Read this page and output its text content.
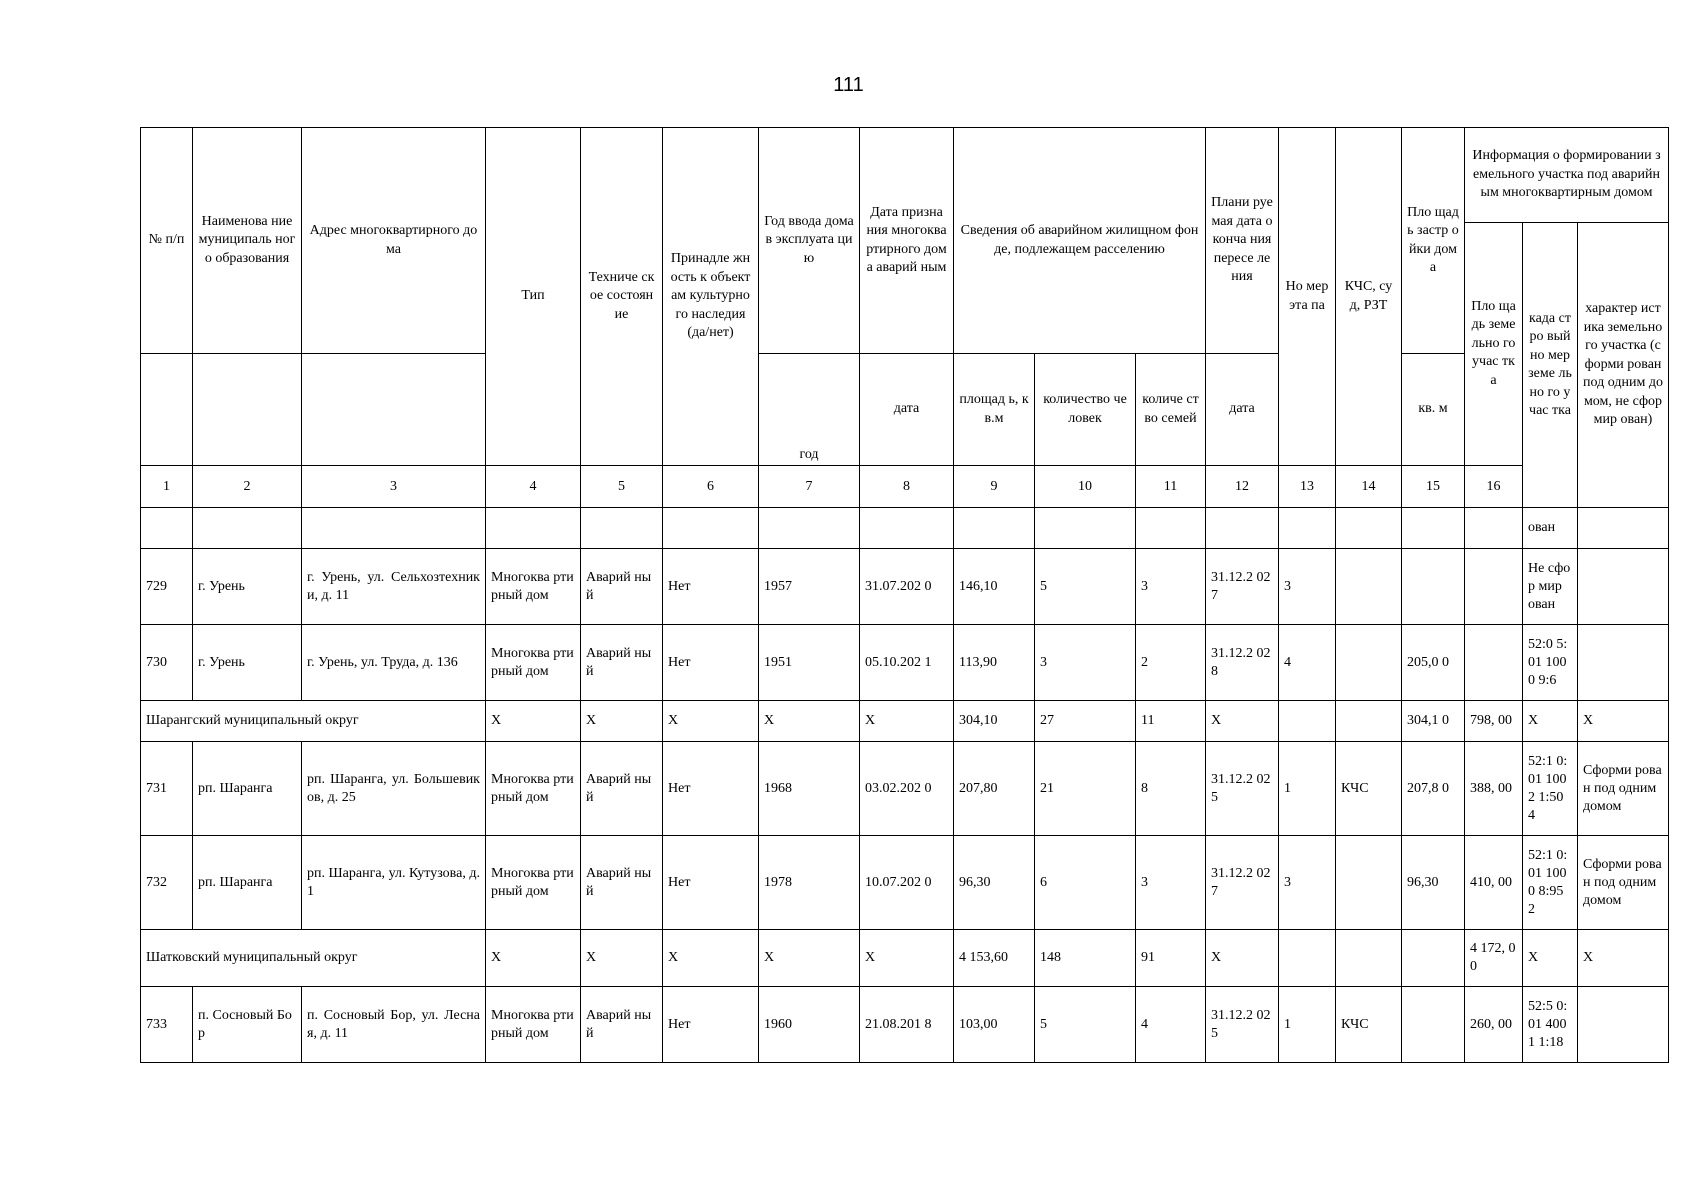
111
№ п/п	Наименова ние муниципаль ного образования	Адрес многоквартирного дома	Тип	Техниче ское состоян ие	Принадле жность к объектам культурно го наследия (да/нет)	Год ввода дома в эксплуата цию	Дата призна ния многоква ртирного дома аварий ным	Сведения об аварийном жилищном фонде, подлежащем расселению			Плани руемая дата оконча ния пересе ления	Но мер эта па	КЧС, суд, РЗТ	Пло щадь застр ойки дома	Информация о формировании земельного участка под аварийным многоквартирным домом			
															Пло щадь земе льно го учас тка	када стро вый но мер земе льно го учас тка	характер истика земельно го участка (сформи рован под одним домом, не сформир ован)	
						год	дата	площад ь, кв.м	количество человек	количе ство семей	дата			кв. м				
1	2	3	4	5	6	7	8	9	10	11	12	13	14	15	16		
																ован		
729	г. Урень	г. Урень, ул. Сельхозтехники, д. 11	Многоква ртирный дом	Аварий ный	Нет	1957	31.07.202 0	146,10	5	3	31.12.2 027	3				Не сфор мир ован		
730	г. Урень	г. Урень, ул. Труда, д. 136	Многоква ртирный дом	Аварий ный	Нет	1951	05.10.202 1	113,90	3	2	31.12.2 028	4		205,0 0		52:0 5:01 1000 9:6		
Шарангский муниципальный округ			Х	Х	Х	Х	Х	304,10	27	11	Х			304,1 0	798, 00	Х	Х	
731	рп. Шаранга	рп. Шаранга, ул. Большевиков, д. 25	Многоква ртирный дом	Аварий ный	Нет	1968	03.02.202 0	207,80	21	8	31.12.2 025	1	КЧС	207,8 0	388, 00	52:1 0:01 1002 1:50 4	Сформи рован под одним домом	
732	рп. Шаранга	рп. Шаранга, ул. Кутузова, д. 1	Многоква ртирный дом	Аварий ный	Нет	1978	10.07.202 0	96,30	6	3	31.12.2 027	3		96,30	410, 00	52:1 0:01 1000 8:95 2	Сформи рован под одним домом	
Шатковский муниципальный округ			Х	Х	Х	Х	Х	4 153,60	148	91	Х				4 172, 00	Х	Х	
733	п. Сосновый Бор	п. Сосновый Бор, ул. Лесная, д. 11	Многоква ртирный дом	Аварий ный	Нет	1960	21.08.201 8	103,00	5	4	31.12.2 025	1	КЧС		260, 00	52:5 0:01 4001 1:18		
